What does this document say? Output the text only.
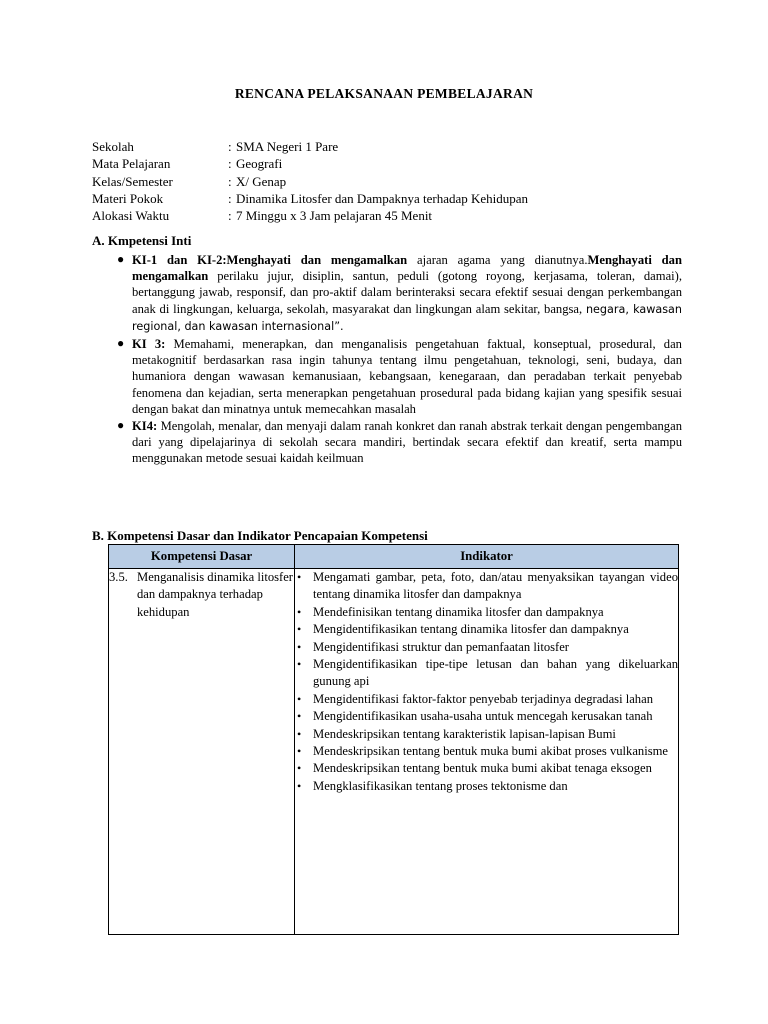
RENCANA PELAKSANAAN PEMBELAJARAN
Sekolah	: SMA Negeri 1 Pare
Mata Pelajaran	: Geografi
Kelas/Semester	: X/ Genap
Materi Pokok	: Dinamika Litosfer dan Dampaknya terhadap Kehidupan
Alokasi Waktu	: 7 Minggu x 3 Jam pelajaran 45 Menit
A. Kmpetensi Inti
● KI-1 dan KI-2:Menghayati dan mengamalkan ajaran agama yang dianutnya.Menghayati dan mengamalkan perilaku jujur, disiplin, santun, peduli (gotong royong, kerjasama, toleran, damai), bertanggung jawab, responsif, dan pro-aktif dalam berinteraksi secara efektif sesuai dengan perkembangan anak di lingkungan, keluarga, sekolah, masyarakat dan lingkungan alam sekitar, bangsa, negara, kawasan regional, dan kawasan internasional”.
● KI 3: Memahami, menerapkan, dan menganalisis pengetahuan faktual, konseptual, prosedural, dan metakognitif berdasarkan rasa ingin tahunya tentang ilmu pengetahuan, teknologi, seni, budaya, dan humaniora dengan wawasan kemanusiaan, kebangsaan, kenegaraan, dan peradaban terkait penyebab fenomena dan kejadian, serta menerapkan pengetahuan prosedural pada bidang kajian yang spesifik sesuai dengan bakat dan minatnya untuk memecahkan masalah
● KI4: Mengolah, menalar, dan menyaji dalam ranah konkret dan ranah abstrak terkait dengan pengembangan dari yang dipelajarinya di sekolah secara mandiri, bertindak secara efektif dan kreatif, serta mampu menggunakan metode sesuai kaidah keilmuan
B. Kompetensi Dasar dan Indikator Pencapaian Kompetensi
Kompetensi Dasar	Indikator

3.5. Menganalisis dinamika litosfer dan dampaknya terhadap kehidupan

• Mengamati gambar, peta, foto, dan/atau menyaksikan tayangan video tentang dinamika litosfer dan dampaknya
• Mendefinisikan tentang dinamika litosfer dan dampaknya
• Mengidentifikasikan tentang dinamika litosfer dan dampaknya
• Mengidentifikasi struktur dan pemanfaatan litosfer
• Mengidentifikasikan tipe-tipe letusan dan bahan yang dikeluarkan gunung api
• Mengidentifikasi faktor-faktor penyebab terjadinya degradasi lahan
• Mengidentifikasikan usaha-usaha untuk mencegah kerusakan tanah
• Mendeskripsikan tentang karakteristik lapisan-lapisan Bumi
• Mendeskripsikan tentang bentuk muka bumi akibat proses vulkanisme
• Mendeskripsikan tentang bentuk muka bumi akibat tenaga eksogen
• Mengklasifikasikan tentang proses tektonisme dan
